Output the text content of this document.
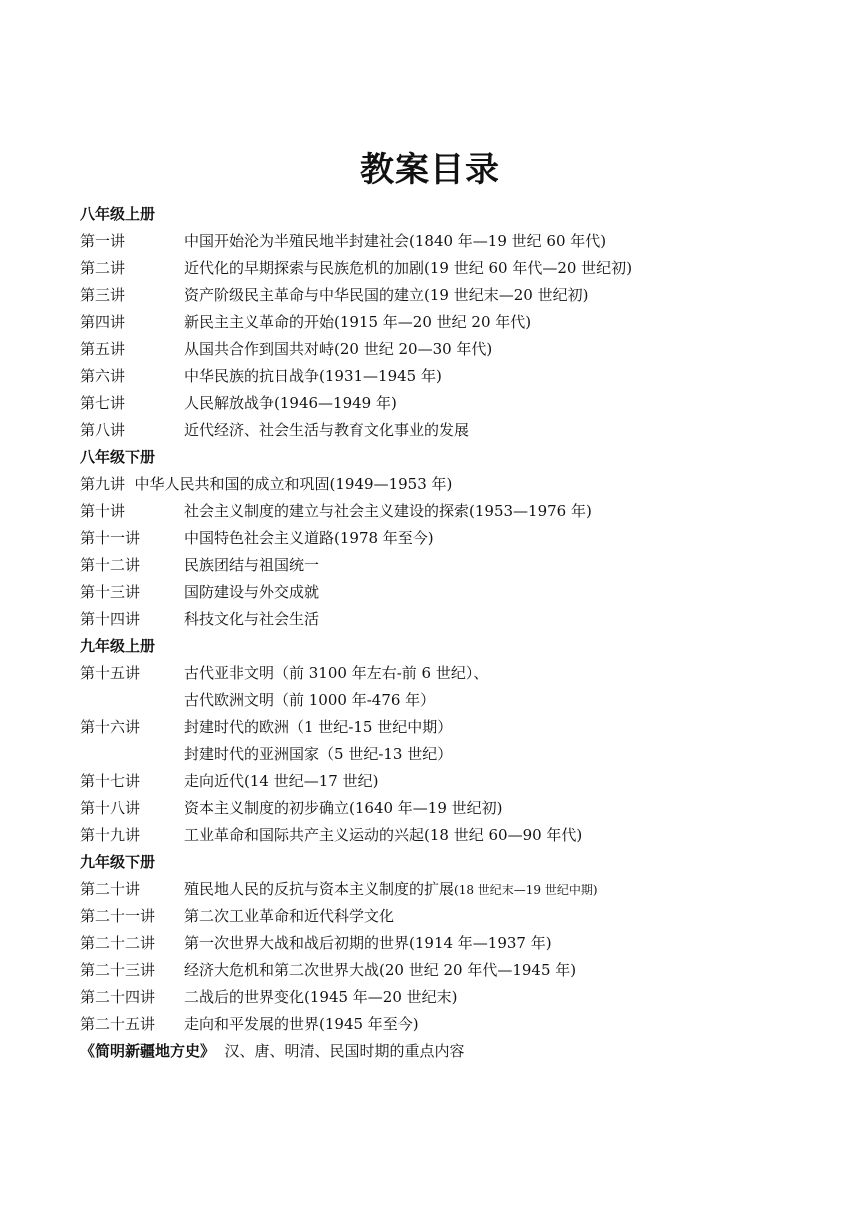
教案目录
八年级上册
第一讲	中国开始沦为半殖民地半封建社会(1840 年—19 世纪 60 年代)
第二讲	近代化的早期探索与民族危机的加剧(19 世纪 60 年代—20 世纪初)
第三讲	资产阶级民主革命与中华民国的建立(19 世纪末—20 世纪初)
第四讲	新民主主义革命的开始(1915 年—20 世纪 20 年代)
第五讲	从国共合作到国共对峙(20 世纪 20—30 年代)
第六讲	中华民族的抗日战争(1931—1945 年)
第七讲	人民解放战争(1946—1949 年)
第八讲	近代经济、社会生活与教育文化事业的发展
八年级下册
第九讲  中华人民共和国的成立和巩固(1949—1953 年)
第十讲	社会主义制度的建立与社会主义建设的探索(1953—1976 年)
第十一讲	中国特色社会主义道路(1978 年至今)
第十二讲	民族团结与祖国统一
第十三讲	国防建设与外交成就
第十四讲	科技文化与社会生活
九年级上册
第十五讲	古代亚非文明（前 3100 年左右-前 6 世纪）、
古代欧洲文明（前 1000 年-476 年）
第十六讲	封建时代的欧洲（1 世纪-15 世纪中期）
封建时代的亚洲国家（5 世纪-13 世纪）
第十七讲	走向近代(14 世纪—17 世纪)
第十八讲	资本主义制度的初步确立(1640 年—19 世纪初)
第十九讲	工业革命和国际共产主义运动的兴起(18 世纪 60—90 年代)
九年级下册
第二十讲	殖民地人民的反抗与资本主义制度的扩展(18 世纪末—19 世纪中期)
第二十一讲 第二次工业革命和近代科学文化
第二十二讲 第一次世界大战和战后初期的世界(1914 年—1937 年)
第二十三讲 经济大危机和第二次世界大战(20 世纪 20 年代—1945 年)
第二十四讲 二战后的世界变化(1945 年—20 世纪末)
第二十五讲 走向和平发展的世界(1945 年至今)
《简明新疆地方史》  汉、唐、明清、民国时期的重点内容
